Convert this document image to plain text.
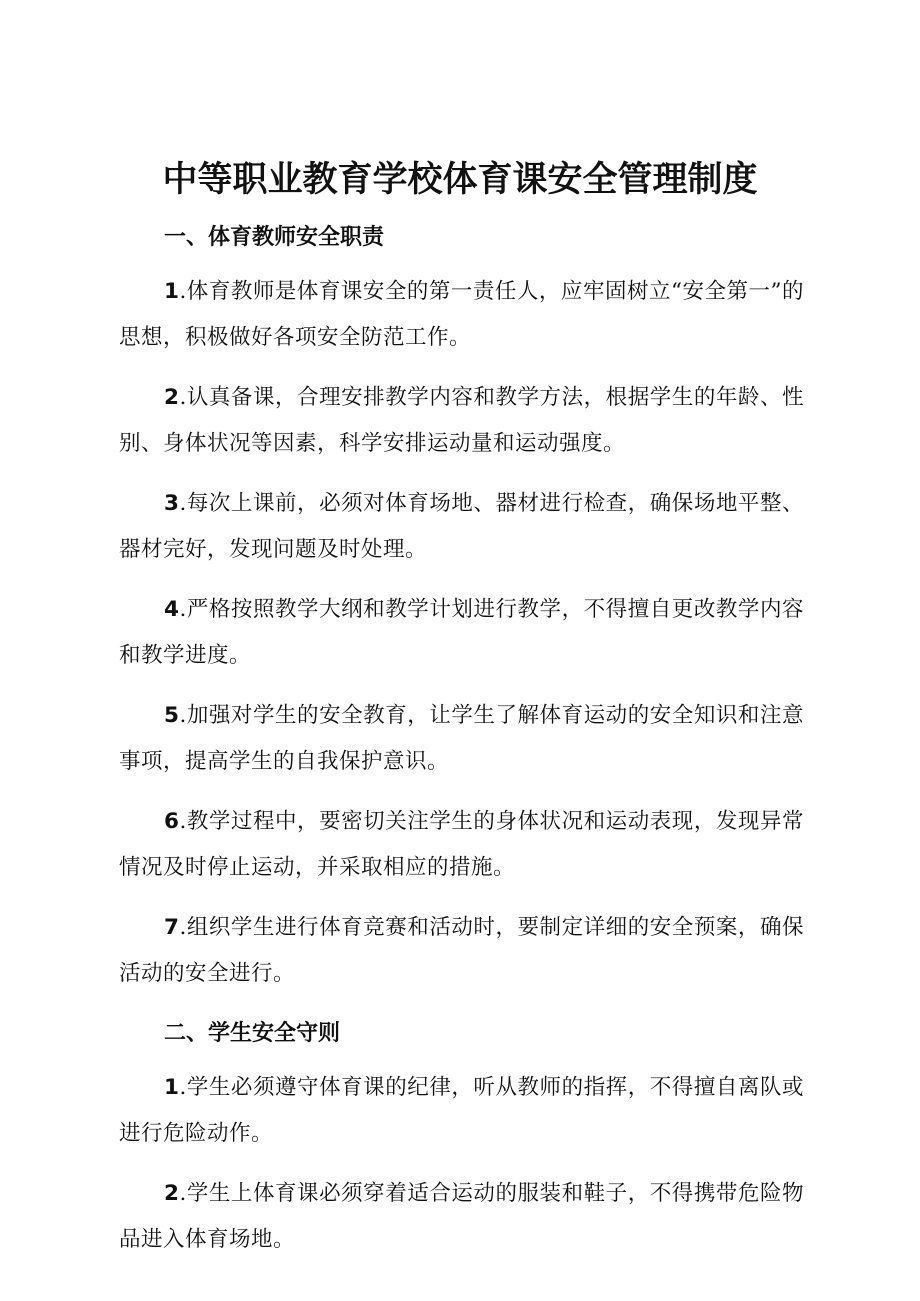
中等职业教育学校体育课安全管理制度
一、体育教师安全职责

1.体育教师是体育课安全的第一责任人，应牢固树立“安全第一”的思想，积极做好各项安全防范工作。

2.认真备课，合理安排教学内容和教学方法，根据学生的年龄、性别、身体状况等因素，科学安排运动量和运动强度。

3.每次上课前，必须对体育场地、器材进行检查，确保场地平整、器材完好，发现问题及时处理。

4.严格按照教学大纲和教学计划进行教学，不得擅自更改教学内容和教学进度。

5.加强对学生的安全教育，让学生了解体育运动的安全知识和注意事项，提高学生的自我保护意识。

6.教学过程中，要密切关注学生的身体状况和运动表现，发现异常情况及时停止运动，并采取相应的措施。

7.组织学生进行体育竞赛和活动时，要制定详细的安全预案，确保活动的安全进行。

二、学生安全守则

1.学生必须遵守体育课的纪律，听从教师的指挥，不得擅自离队或进行危险动作。

2.学生上体育课必须穿着适合运动的服装和鞋子，不得携带危险物品进入体育场地。
